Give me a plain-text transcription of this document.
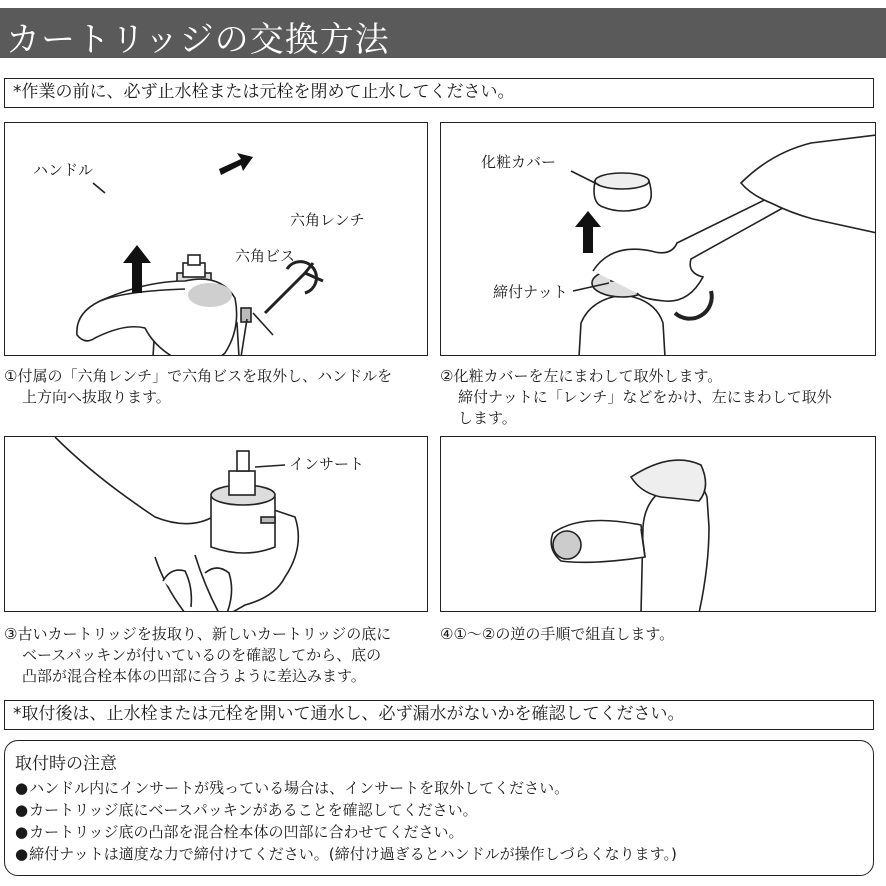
カートリッジの交換方法
*作業の前に、必ず止水栓または元栓を閉めて止水してください。
ハンドル
六角レンチ
六角ビス
化粧カバー
締付ナット
①付属の「六角レンチ」で六角ビスを取外し、ハンドルを
上方向へ抜取ります。
②化粧カバーを左にまわして取外します。
締付ナットに「レンチ」などをかけ、左にまわして取外
します。
インサート
③古いカートリッジを抜取り、新しいカートリッジの底に
ベースパッキンが付いているのを確認してから、底の
凸部が混合栓本体の凹部に合うように差込みます。
④①～②の逆の手順で組直します。
*取付後は、止水栓または元栓を開いて通水し、必ず漏水がないかを確認してください。
取付時の注意
● ハンドル内にインサートが残っている場合は、インサートを取外してください。
● カートリッジ底にベースパッキンがあることを確認してください。
● カートリッジ底の凸部を混合栓本体の凹部に合わせてください。
● 締付ナットは適度な力で締付けてください。(締付け過ぎるとハンドルが操作しづらくなります。)
